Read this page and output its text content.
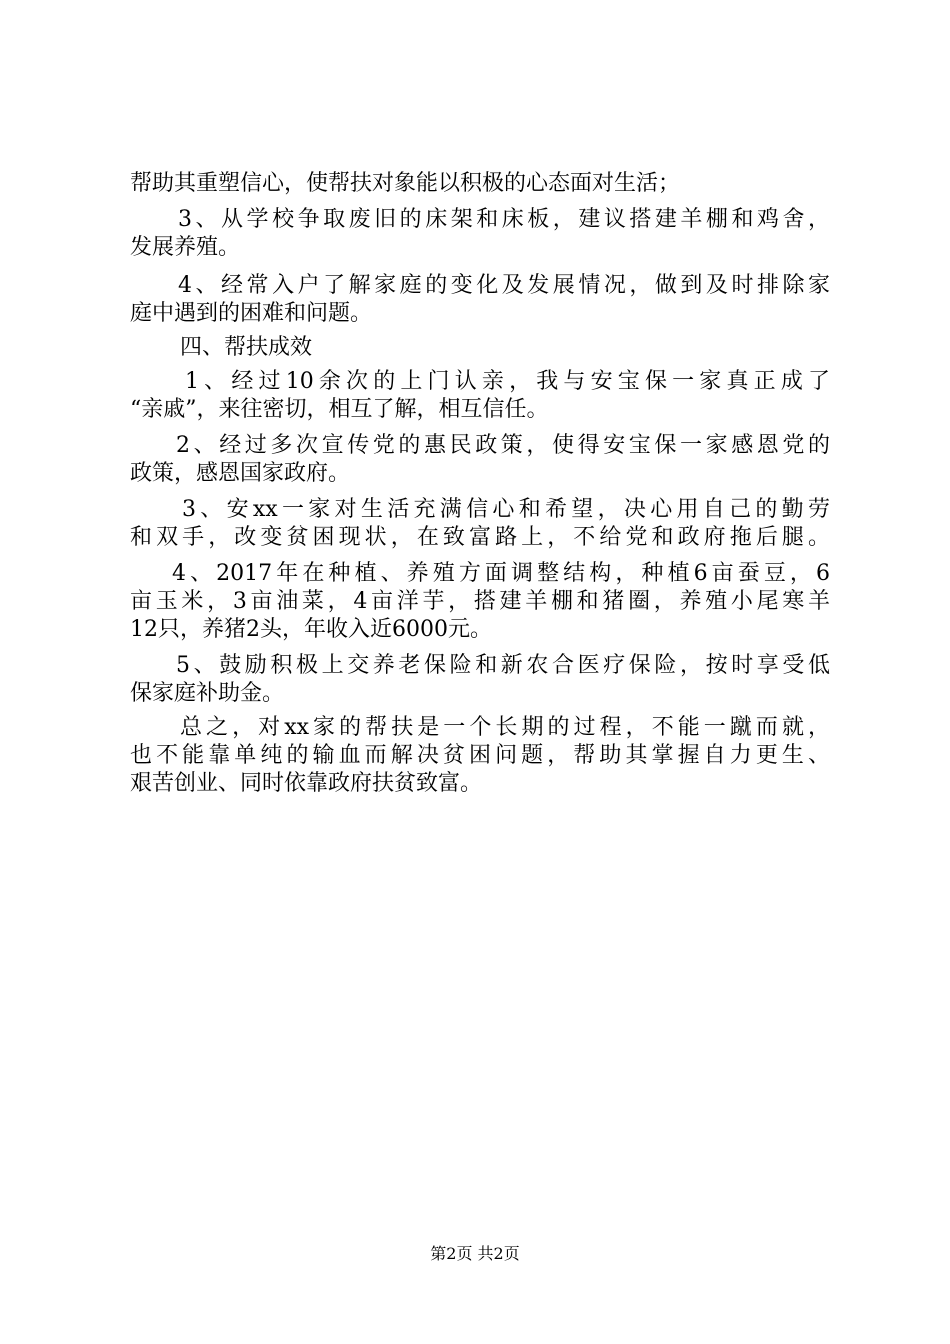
帮助其重塑信心，使帮扶对象能以积极的心态面对生活；
3、从学校争取废旧的床架和床板，建议搭建羊棚和鸡舍，
发展养殖。
4、经常入户了解家庭的变化及发展情况，做到及时排除家
庭中遇到的困难和问题。
四、帮扶成效
1、经过10余次的上门认亲，我与安宝保一家真正成了
“亲戚”，来往密切，相互了解，相互信任。
2、经过多次宣传党的惠民政策，使得安宝保一家感恩党的
政策，感恩国家政府。
3、安xx一家对生活充满信心和希望，决心用自己的勤劳
和双手，改变贫困现状，在致富路上，不给党和政府拖后腿。
4、2017年在种植、养殖方面调整结构，种植6亩蚕豆，6
亩玉米，3亩油菜，4亩洋芋，搭建羊棚和猪圈，养殖小尾寒羊
12只，养猪2头，年收入近6000元。
5、鼓励积极上交养老保险和新农合医疗保险，按时享受低
保家庭补助金。
总之，对xx家的帮扶是一个长期的过程，不能一蹴而就，
也不能靠单纯的输血而解决贫困问题，帮助其掌握自力更生、
艰苦创业、同时依靠政府扶贫致富。
第2页 共2页
